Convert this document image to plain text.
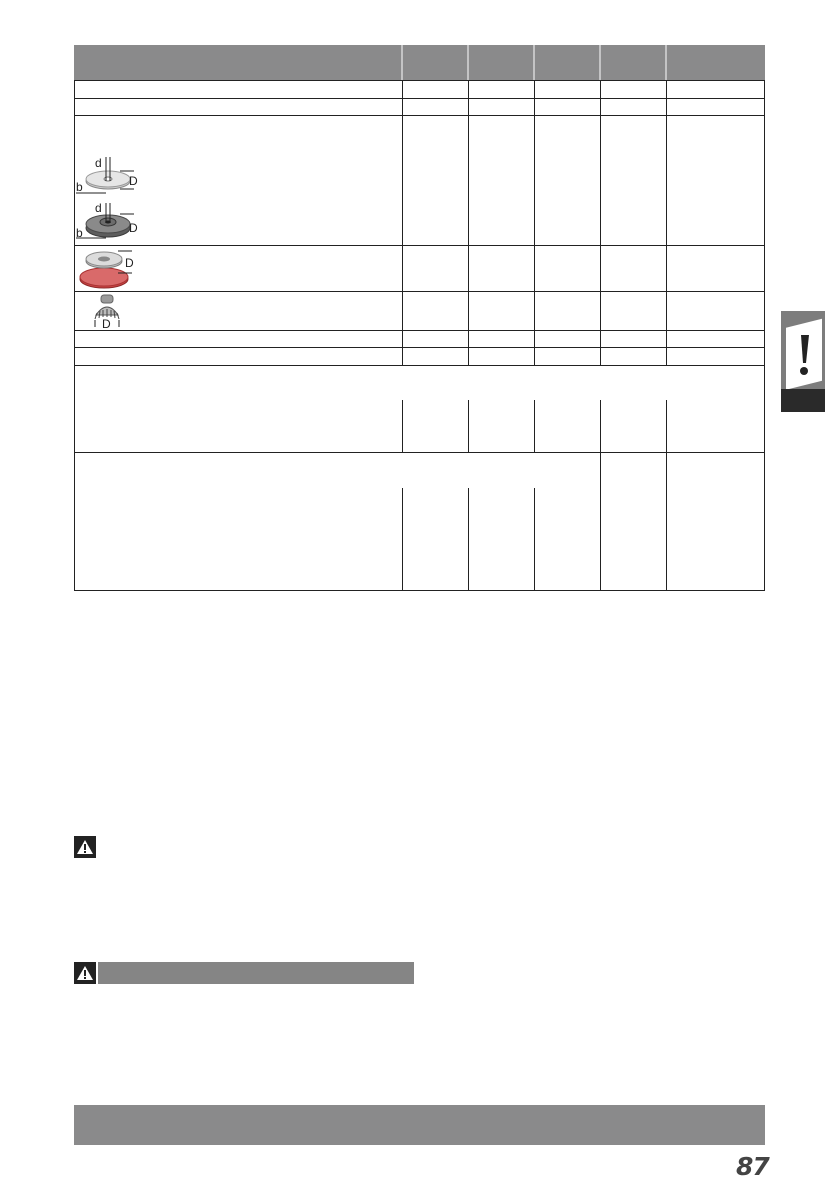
d
D
b
d
D
b
D
D
87
